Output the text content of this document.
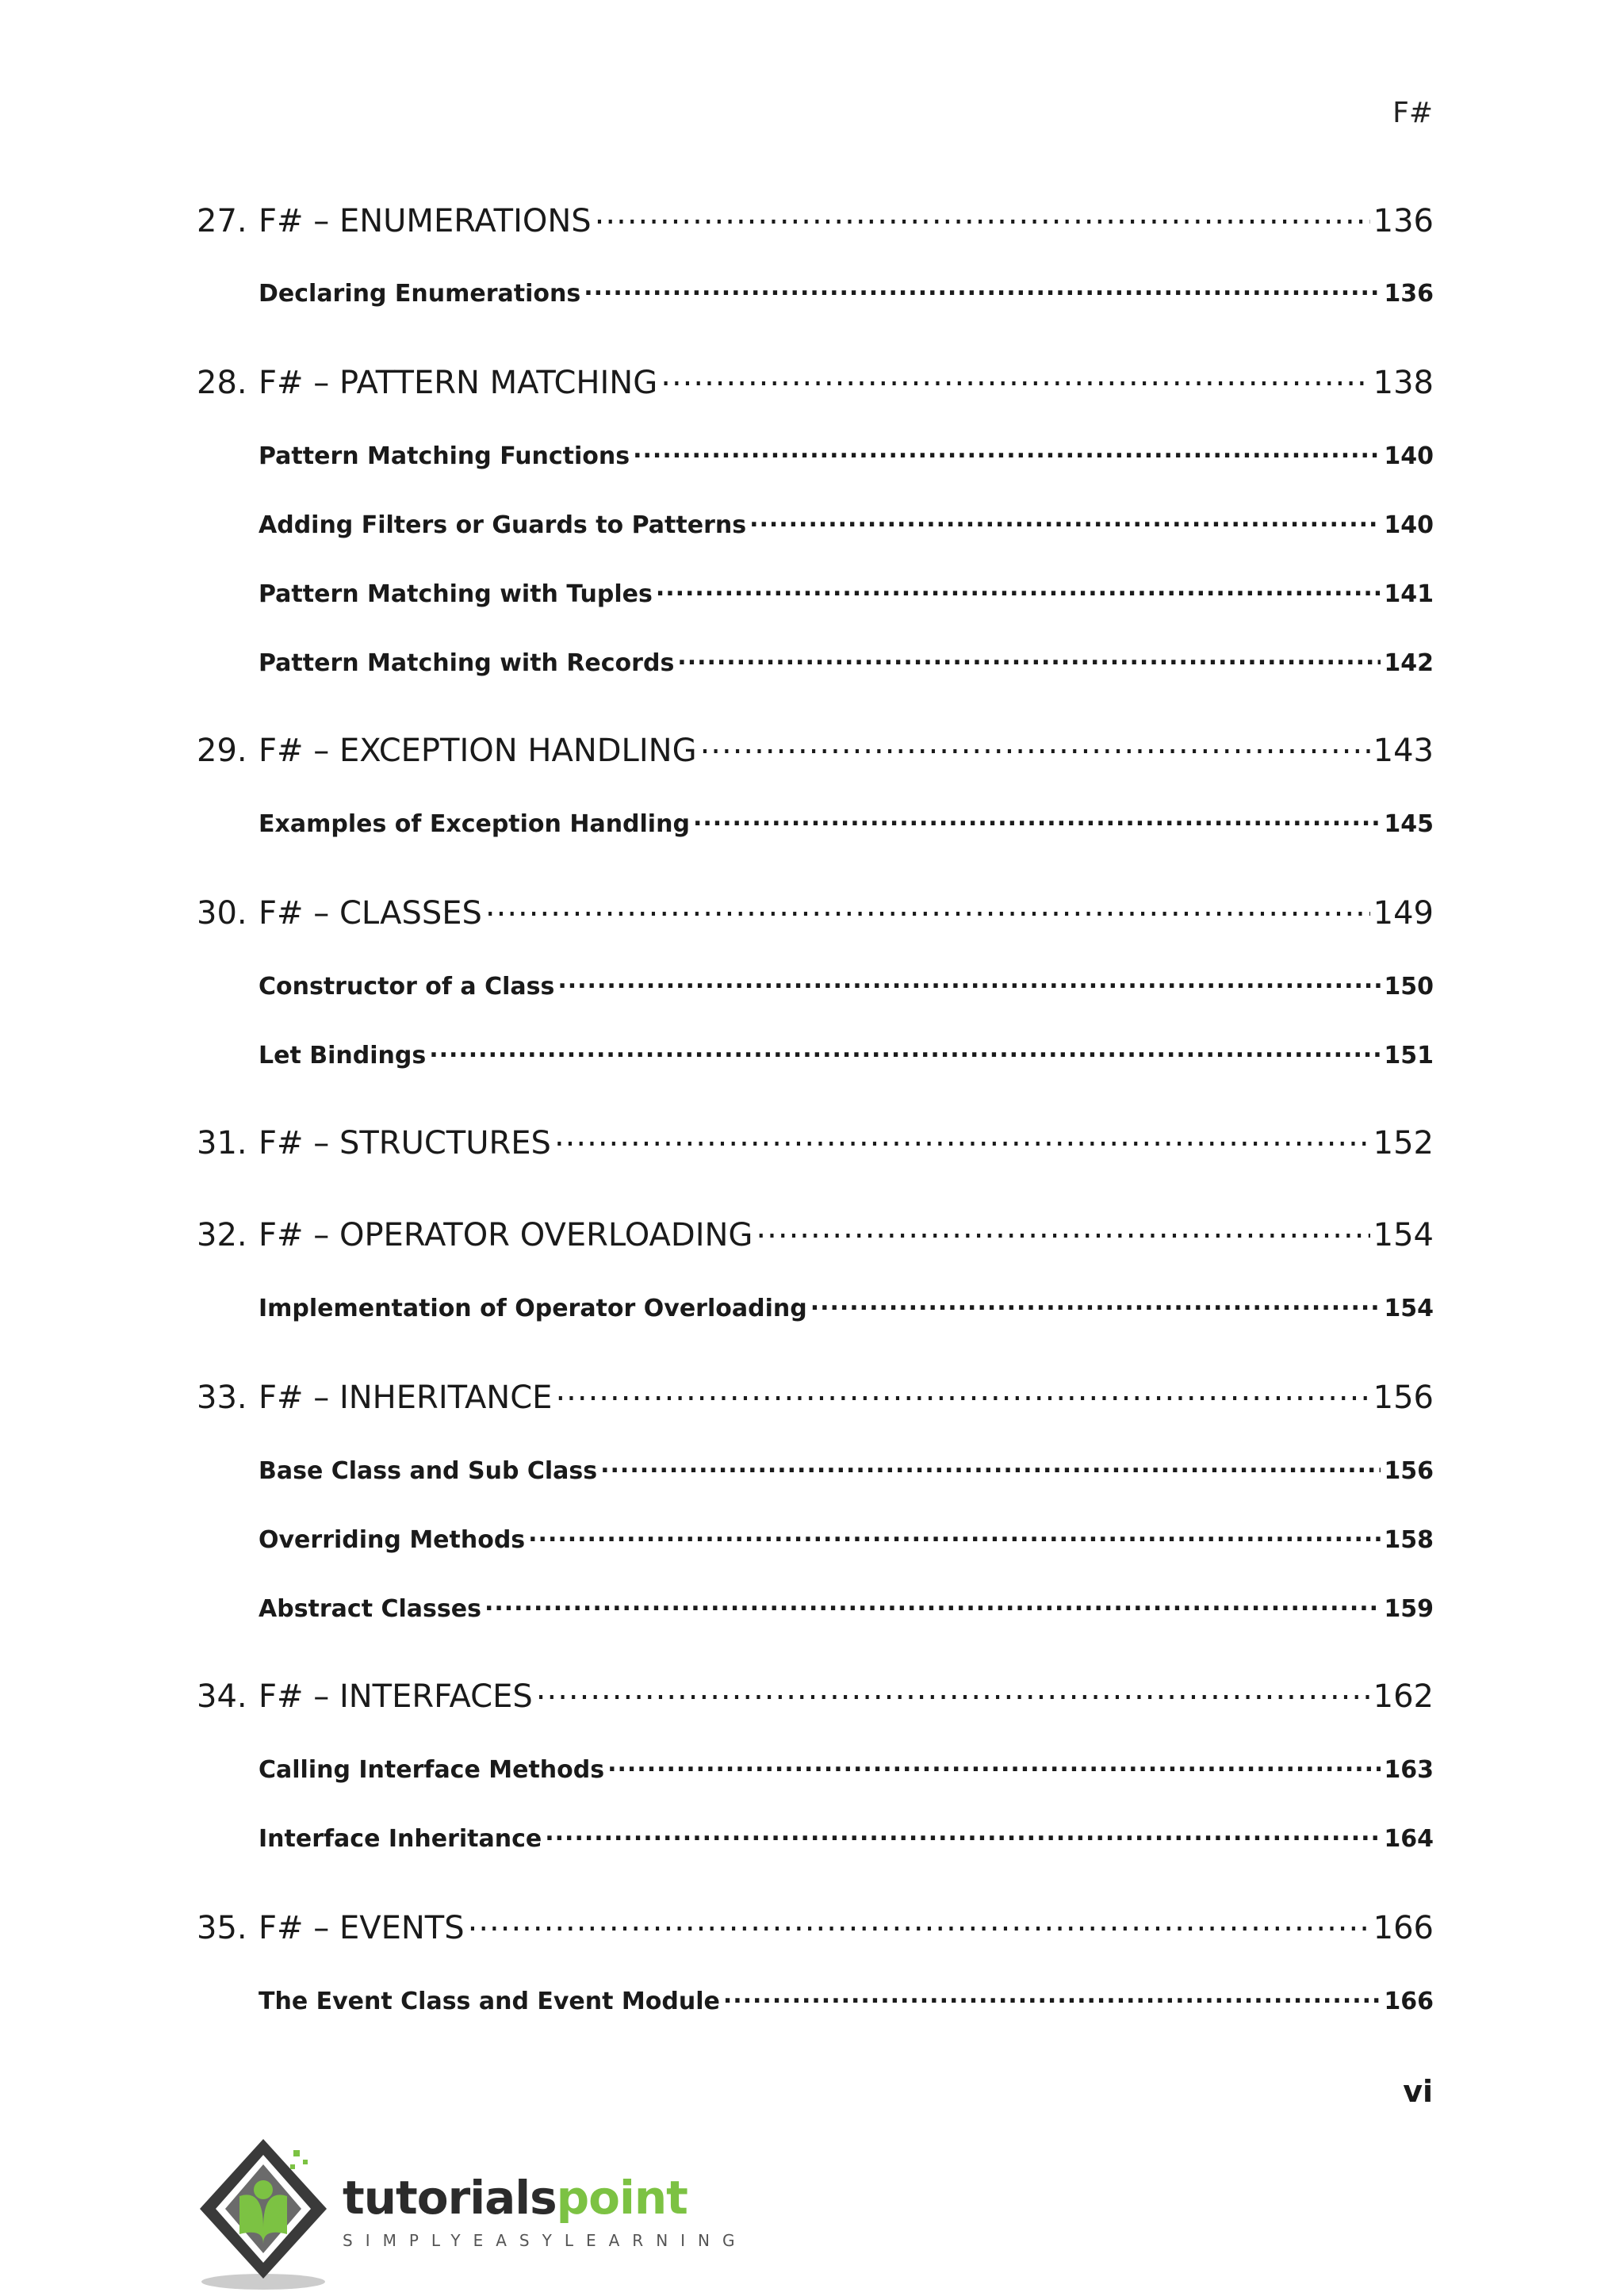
F#
27. F# – ENUMERATIONS .....	136
Declaring Enumerations .....	136
28. F# – PATTERN MATCHING .....	138
Pattern Matching Functions .....	140
Adding Filters or Guards to Patterns .....	140
Pattern Matching with Tuples .....	141
Pattern Matching with Records .....	142
29. F# – EXCEPTION HANDLING .....	143
Examples of Exception Handling .....	145
30. F# – CLASSES .....	149
Constructor of a Class .....	150
Let Bindings .....	151
31. F# – STRUCTURES .....	152
32. F# – OPERATOR OVERLOADING .....	154
Implementation of Operator Overloading .....	154
33. F# – INHERITANCE .....	156
Base Class and Sub Class .....	156
Overriding Methods .....	158
Abstract Classes .....	159
34. F# – INTERFACES .....	162
Calling Interface Methods .....	163
Interface Inheritance .....	164
35. F# – EVENTS .....	166
The Event Class and Event Module .....	166
vi
tutorialspoint
SIMPLYEASYLEARNING
